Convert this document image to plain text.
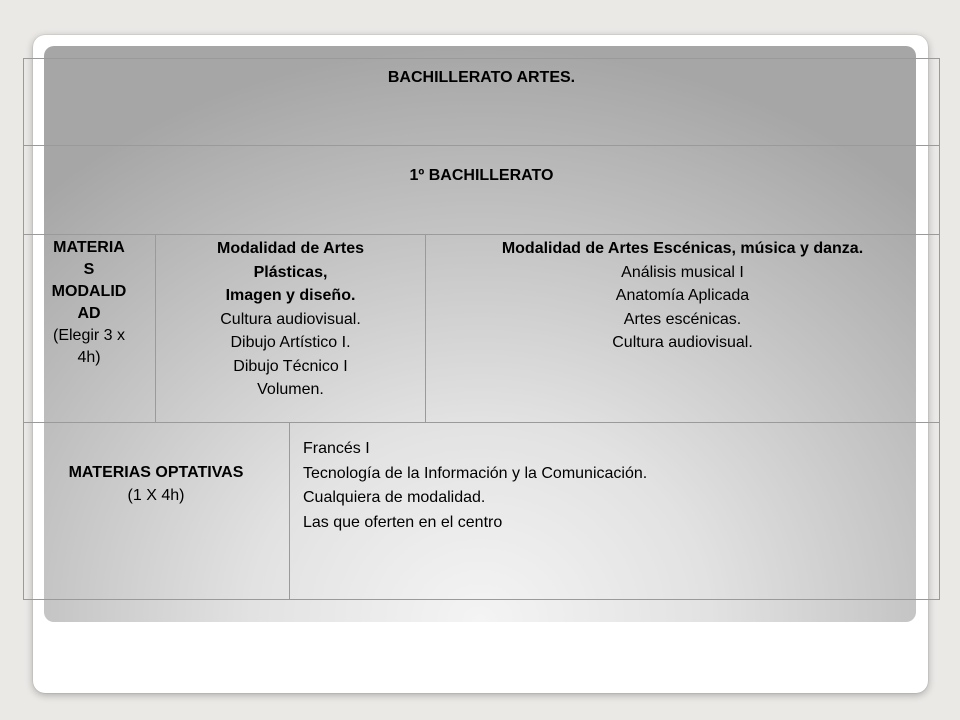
BACHILLERATO ARTES.
1º BACHILLERATO
MATERIA
S
MODALID
AD
(Elegir 3 x
4h)
Modalidad de Artes
Plásticas,
Imagen y diseño.
Cultura audiovisual.
Dibujo Artístico I.
Dibujo Técnico I
Volumen.
Modalidad de Artes Escénicas, música y danza.
Análisis musical I
Anatomía Aplicada
Artes escénicas.
Cultura audiovisual.
MATERIAS OPTATIVAS
(1 X 4h)
Francés I
Tecnología de la Información y la Comunicación.
Cualquiera de modalidad.
Las que oferten en el centro
